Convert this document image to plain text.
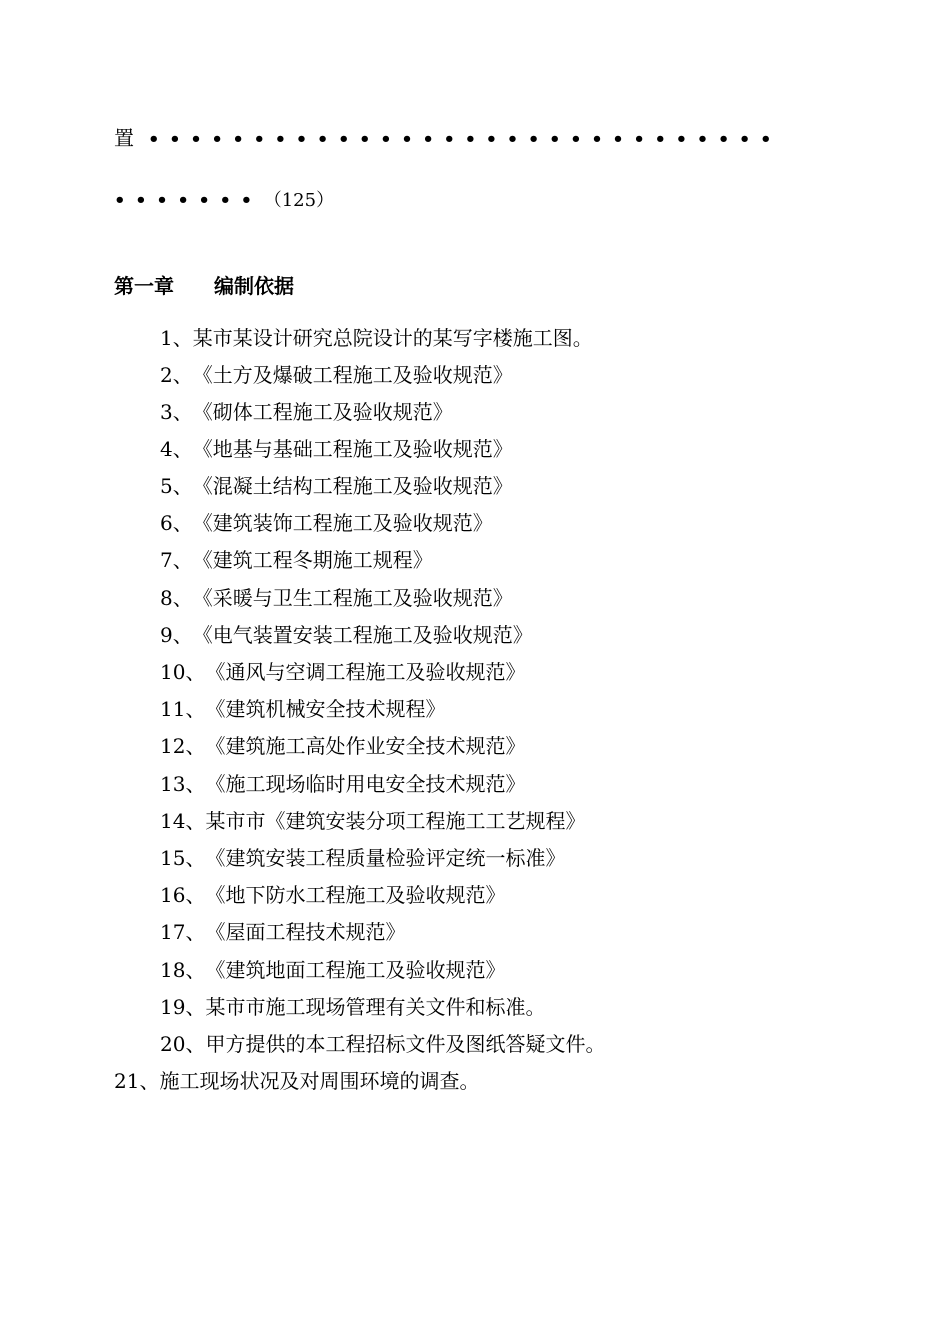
置 ••••••••••••••••••••••••••••••
••••••• （125）
第一章 编制依据
1、某市某设计研究总院设计的某写字楼施工图。
2、《土方及爆破工程施工及验收规范》
3、《砌体工程施工及验收规范》
4、《地基与基础工程施工及验收规范》
5、《混凝土结构工程施工及验收规范》
6、《建筑装饰工程施工及验收规范》
7、《建筑工程冬期施工规程》
8、《采暖与卫生工程施工及验收规范》
9、《电气装置安装工程施工及验收规范》
10、《通风与空调工程施工及验收规范》
11、《建筑机械安全技术规程》
12、《建筑施工高处作业安全技术规范》
13、《施工现场临时用电安全技术规范》
14、某市市《建筑安装分项工程施工工艺规程》
15、《建筑安装工程质量检验评定统一标准》
16、《地下防水工程施工及验收规范》
17、《屋面工程技术规范》
18、《建筑地面工程施工及验收规范》
19、某市市施工现场管理有关文件和标准。
20、甲方提供的本工程招标文件及图纸答疑文件。
21、施工现场状况及对周围环境的调查。
